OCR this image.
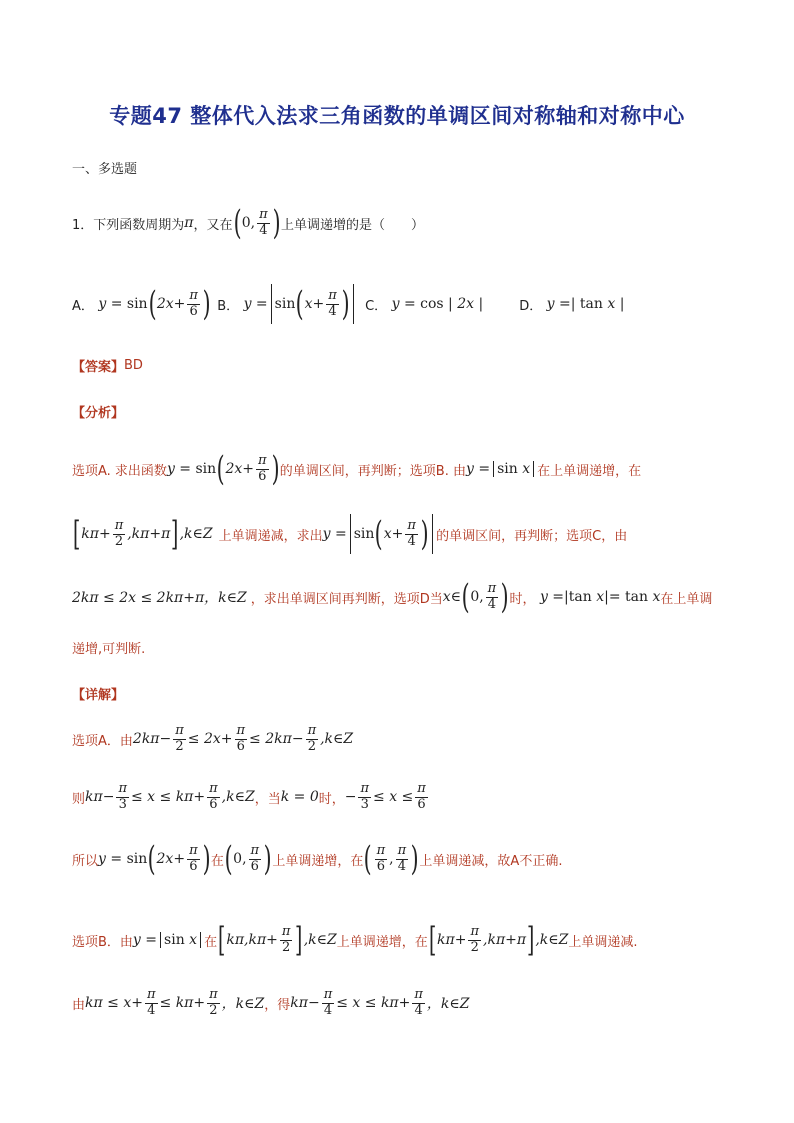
专题47 整体代入法求三角函数的单调区间对称轴和对称中心
一、多选题
1．下列函数周期为 π ，又在 ( 0, $\frac{\pi}{4}$ ) 上单调递增的是（　　）
A． y = sin ( $2x+ \frac{\pi}{6}$ ) B． y = sin ( $x+ \frac{\pi}{4}$ ) C． y = cos | 2x |	D． y =| tan x |
【答案】 BD
【分析】
选项A. 求出函数 y = sin ( $2x+ \frac{\pi}{6}$ ) 的单调区间，再判断；选项B. 由 y = sin x 在上单调递增，在
[ $k\pi+ \frac{\pi}{2} ,k\pi+\pi$ ] ,k∈Z 上单调递减，求出 y = sin ( $x+ \frac{\pi}{4}$ ) 的单调区间，再判断；选项C，由
2kπ ≤ 2x ≤ 2kπ+π，k∈Z ，求出单调区间再判断，选项D当 x∈ ( 0, $\frac{\pi}{4}$ ) 时， y =|tan x |= tan x 在上单调
递增,可判断.
【详解】
选项A．由 $2k\pi- \frac{\pi}{2} \le 2x+ \frac{\pi}{6} \le 2k\pi- \frac{\pi}{2}$ ,k∈Z
则 $k\pi- \frac{\pi}{3} \le x \le k\pi+ \frac{\pi}{6}$ ,k∈Z ，当 k = 0 时， − $\frac{\pi}{3} \le x \le \frac{\pi}{6}$
所以 y = sin ( $2x+ \frac{\pi}{6}$ ) 在 ( 0, $\frac{\pi}{6}$ ) 上单调递增，在 ( $\frac{\pi}{6}$ , $\frac{\pi}{4}$ ) 上单调递减，故A不正确.
选项B．由 y = sin x 在 [ $k\pi,k\pi+ \frac{\pi}{2}$ ] ,k∈Z 上单调递增，在 [ $k\pi+ \frac{\pi}{2} ,k\pi+\pi$ ] ,k∈Z 上单调递减.
由 $k\pi \le x+ \frac{\pi}{4} \le k\pi+ \frac{\pi}{2}$ ，k∈Z ，得 $k\pi- \frac{\pi}{4} \le x \le k\pi+ \frac{\pi}{4}$ ，k∈Z
